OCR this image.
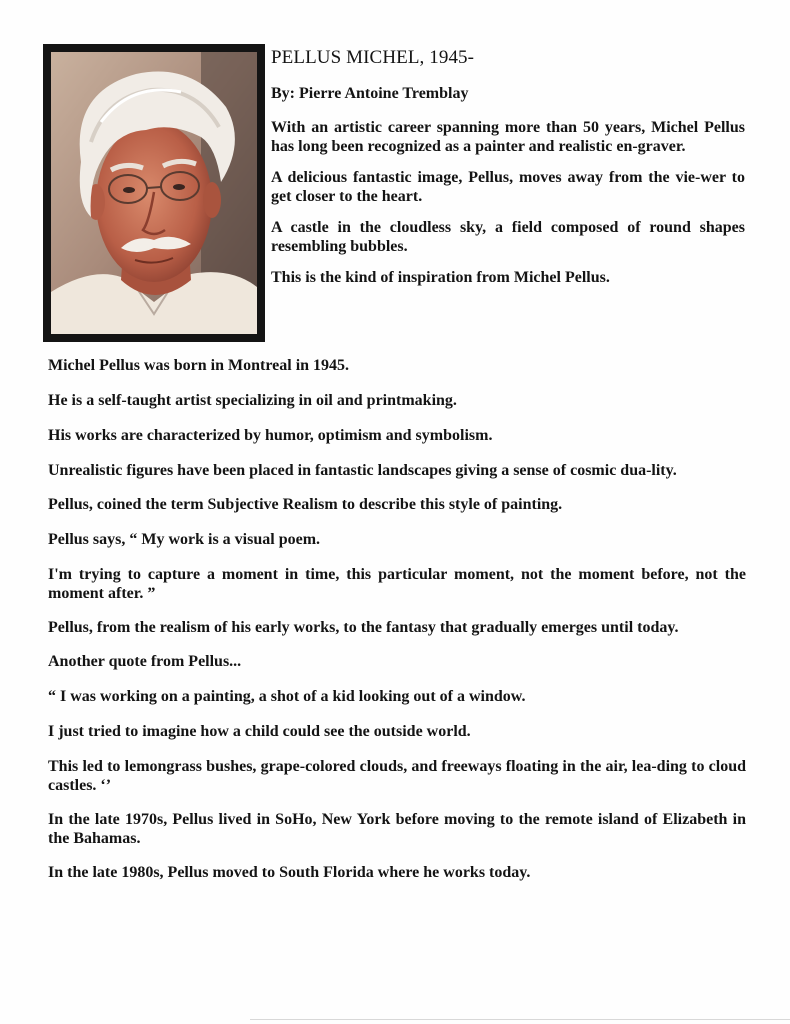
PELLUS MICHEL, 1945-
By: Pierre Antoine Tremblay

With an artistic career spanning more than 50 years, Michel Pellus has long been recognized as a painter and realistic en-graver.

A delicious fantastic image, Pellus, moves away from the vie-wer to get closer to the heart.

A castle in the cloudless sky, a field composed of round shapes resembling bubbles.

This is the kind of inspiration from Michel Pellus.

Michel Pellus was born in Montreal in 1945.

He is a self-taught artist specializing in oil and printmaking.

His works are characterized by humor, optimism and symbolism.

Unrealistic figures have been placed in fantastic landscapes giving a sense of cosmic dua-lity.

Pellus, coined the term Subjective Realism to describe this style of painting.

Pellus says, “ My work is a visual poem.

I'm trying to capture a moment in time, this particular moment, not the moment before, not the moment after. ”

Pellus, from the realism of his early works, to the fantasy that gradually emerges until today.

Another quote from Pellus...

“ I was working on a painting, a shot of a kid looking out of a window.

I just tried to imagine how a child could see the outside world.

This led to lemongrass bushes, grape-colored clouds, and freeways floating in the air, lea-ding to cloud castles. ‘’

In the late 1970s, Pellus lived in SoHo, New York before moving to the remote island of Elizabeth in the Bahamas.

In the late 1980s, Pellus moved to South Florida where he works today.
